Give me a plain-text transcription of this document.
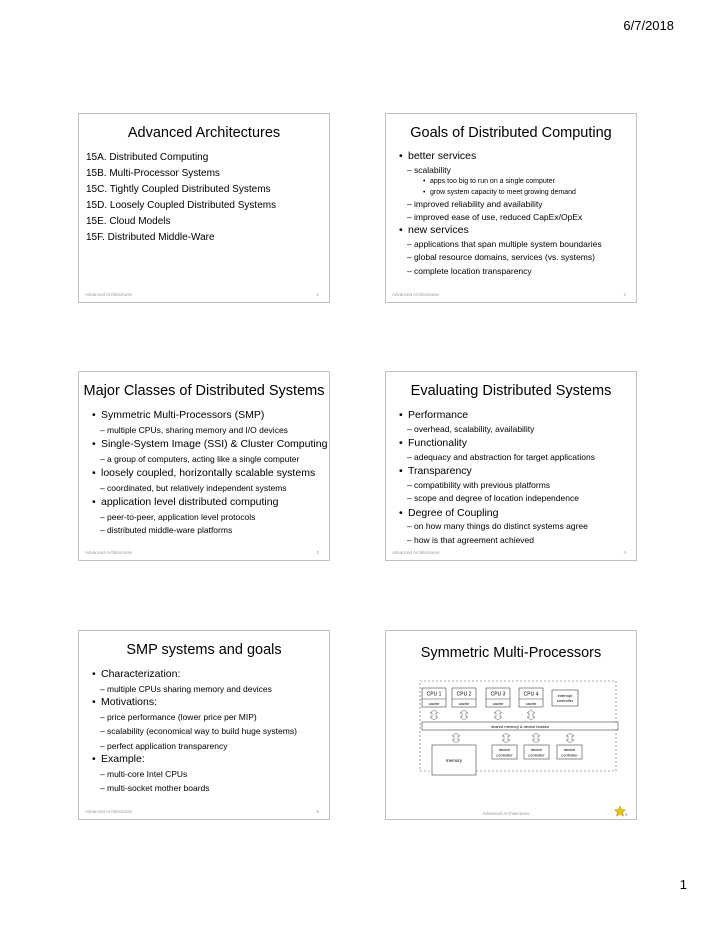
6/7/2018
Advanced Architectures
15A. Distributed Computing
15B. Multi-Processor Systems
15C. Tightly Coupled Distributed Systems
15D. Loosely Coupled Distributed Systems
15E. Cloud Models
15F. Distributed Middle-Ware
Advanced Architectures	1
Goals of Distributed Computing
• better services
– scalability
• apps too big to run on a single computer
• grow system capacity to meet growing demand
– improved reliability and availability
– improved ease of use, reduced CapEx/OpEx
• new services
– applications that span multiple system boundaries
– global resource domains, services (vs. systems)
– complete location transparency
Advanced Architectures	2
Major Classes of Distributed Systems
• Symmetric Multi-Processors (SMP)
– multiple CPUs, sharing memory and I/O devices
• Single-System Image (SSI) & Cluster Computing
– a group of computers, acting like a single computer
• loosely coupled, horizontally scalable systems
– coordinated, but relatively independent systems
• application level distributed computing
– peer-to-peer, application level protocols
– distributed middle-ware platforms
Advanced Architectures	3
Evaluating Distributed Systems
• Performance
– overhead, scalability, availability
• Functionality
– adequacy and abstraction for target applications
• Transparency
– compatibility with previous platforms
– scope and degree of location independence
• Degree of Coupling
– on how many things do distinct systems agree
– how is that agreement achieved
Advanced Architectures	4
SMP systems and goals
• Characterization:
– multiple CPUs sharing memory and devices
• Motivations:
– price performance (lower price per MIP)
– scalability (economical way to build huge systems)
– perfect application transparency
• Example:
– multi-core Intel CPUs
– multi-socket mother boards
Advanced Architectures	5
Symmetric Multi-Processors
CPU 1
cache
CPU 2
cache
CPU 3
cache
CPU 4
cache
interrupt
controller
shared memory & device busses
memory
device
controller
device
controller
device
controller
Advanced Architectures	6
1
